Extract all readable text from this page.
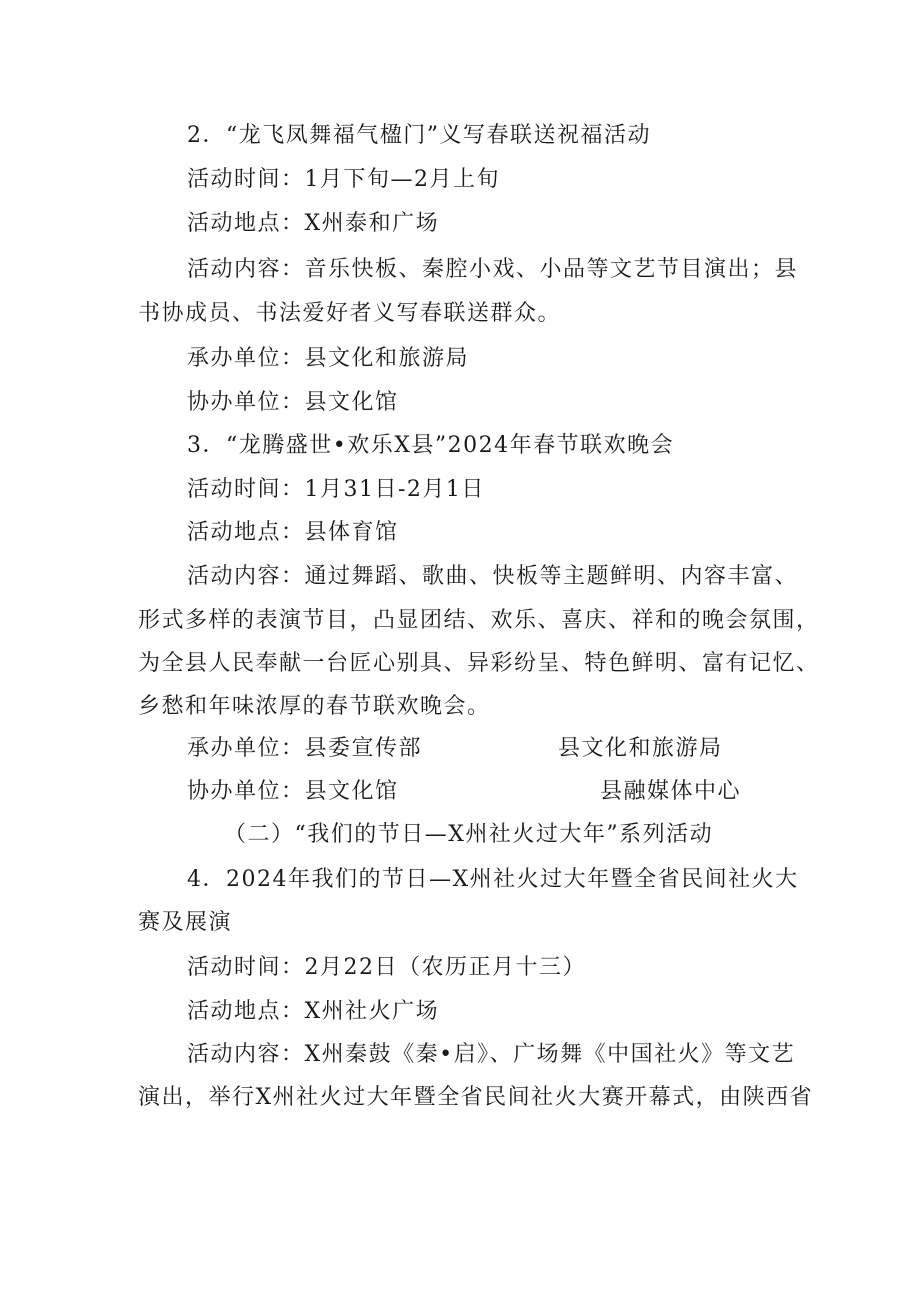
2．“龙飞凤舞福气楹门”义写春联送祝福活动
活动时间：1月下旬—2月上旬
活动地点：X州泰和广场
活动内容：音乐快板、秦腔小戏、小品等文艺节目演出；县
书协成员、书法爱好者义写春联送群众。
承办单位：县文化和旅游局
协办单位：县文化馆
3．“龙腾盛世•欢乐X县”2024年春节联欢晚会
活动时间：1月31日-2月1日
活动地点：县体育馆
活动内容：通过舞蹈、歌曲、快板等主题鲜明、内容丰富、
形式多样的表演节目，凸显团结、欢乐、喜庆、祥和的晚会氛围，
为全县人民奉献一台匠心别具、异彩纷呈、特色鲜明、富有记忆、
乡愁和年味浓厚的春节联欢晚会。
承办单位：县委宣传部	县文化和旅游局
协办单位：县文化馆	县融媒体中心
（二）“我们的节日—X州社火过大年”系列活动
4．2024年我们的节日—X州社火过大年暨全省民间社火大
赛及展演
活动时间：2月22日（农历正月十三）
活动地点：X州社火广场
活动内容：X州秦鼓《秦•启》、广场舞《中国社火》等文艺
演出，举行X州社火过大年暨全省民间社火大赛开幕式，由陕西省
